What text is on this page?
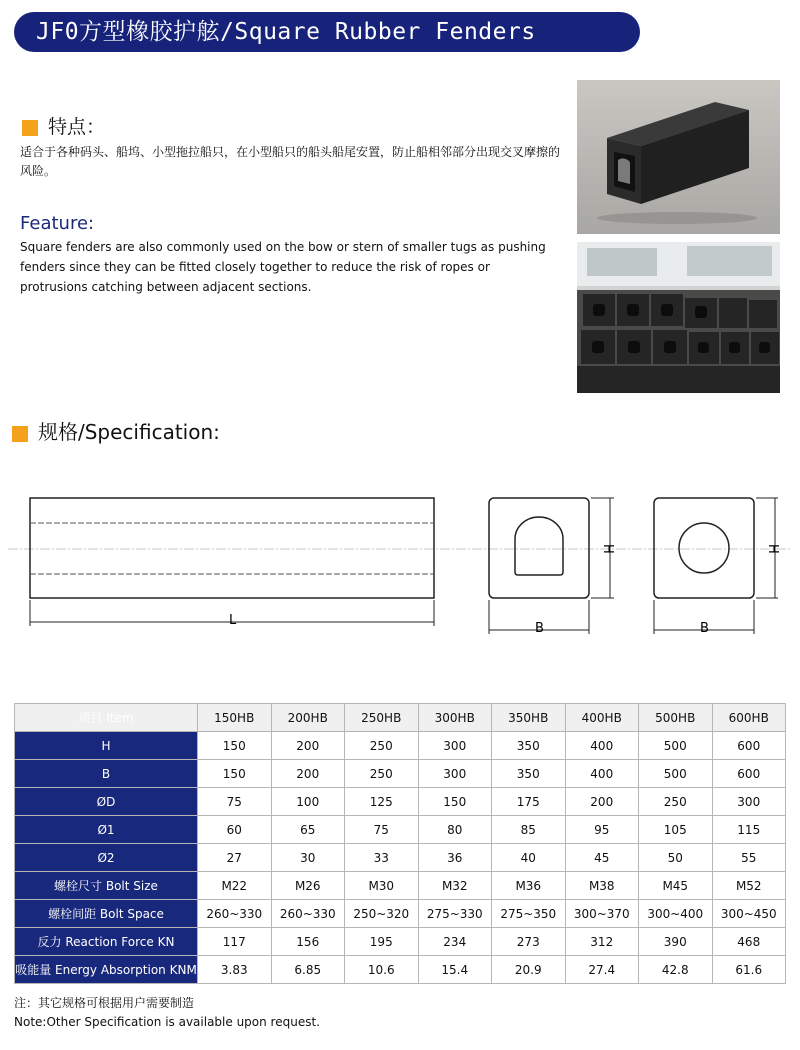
JF0方型橡胶护舷/Square Rubber Fenders
特点：
适合于各种码头、船坞、小型拖拉船只，在小型船只的船头船尾安置，防止船相邻部分出现交叉摩擦的风险。
Feature:
Square fenders are also commonly used on the bow or stern of smaller tugs as pushing fenders since they can be fitted closely together to reduce the risk of ropes or protrusions catching between adjacent sections.
规格/Specification:
L
B
H
B
H
项目 Item	150HB	200HB	250HB	300HB	350HB	400HB	500HB	600HB
H	150	200	250	300	350	400	500	600
B	150	200	250	300	350	400	500	600
ØD	75	100	125	150	175	200	250	300
Ø1	60	65	75	80	85	95	105	115
Ø2	27	30	33	36	40	45	50	55
螺栓尺寸 Bolt Size	M22	M26	M30	M32	M36	M38	M45	M52
螺栓间距 Bolt Space	260~330	260~330	250~320	275~330	275~350	300~370	300~400	300~450
反力 Reaction Force KN	117	156	195	234	273	312	390	468
吸能量 Energy Absorption KNM	3.83	6.85	10.6	15.4	20.9	27.4	42.8	61.6
注：其它规格可根据用户需要制造
Note:Other Specification is available upon request.
